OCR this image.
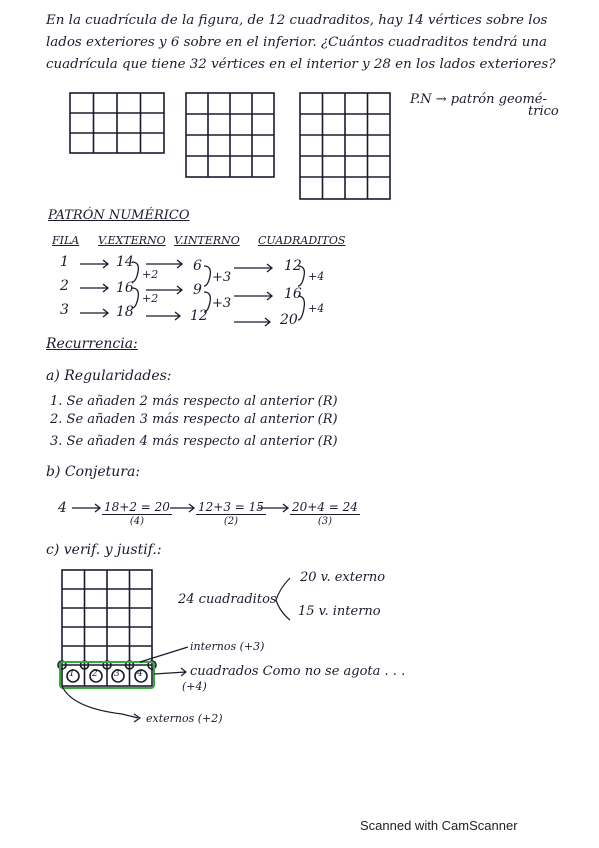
En la cuadrícula de la figura, de 12 cuadraditos, hay 14 vértices sobre los
lados exteriores y 6 sobre en el inferior. ¿Cuántos cuadraditos tendrá una
cuadrícula que tiene 32 vértices en el interior y 28 en los lados exteriores?
P.N → patrón geomé-
trico
PATRÓN NUMÉRICO
FILA V.EXTERNO V.INTERNO CUADRADITOS
1	14	6	12
2	16	9	16
3	18	12	20
+2
+2
+3
+3
+4
+4
Recurrencia:
a) Regularidades:
1. Se añaden 2 más respecto al anterior (R)
2. Se añaden 3 más respecto al anterior (R)
3. Se añaden 4 más respecto al anterior (R)
b) Conjetura:
4	18+2 = 20
(4)
12+3 = 15
(2)
20+4 = 24
(3)
c) verif. y justif.:
1 2 3 4
24 cuadraditos
20 v. externo
15 v. interno
internos (+3)
cuadrados Como no se agota . . .
(+4)
externos (+2)
Scanned with CamScanner
